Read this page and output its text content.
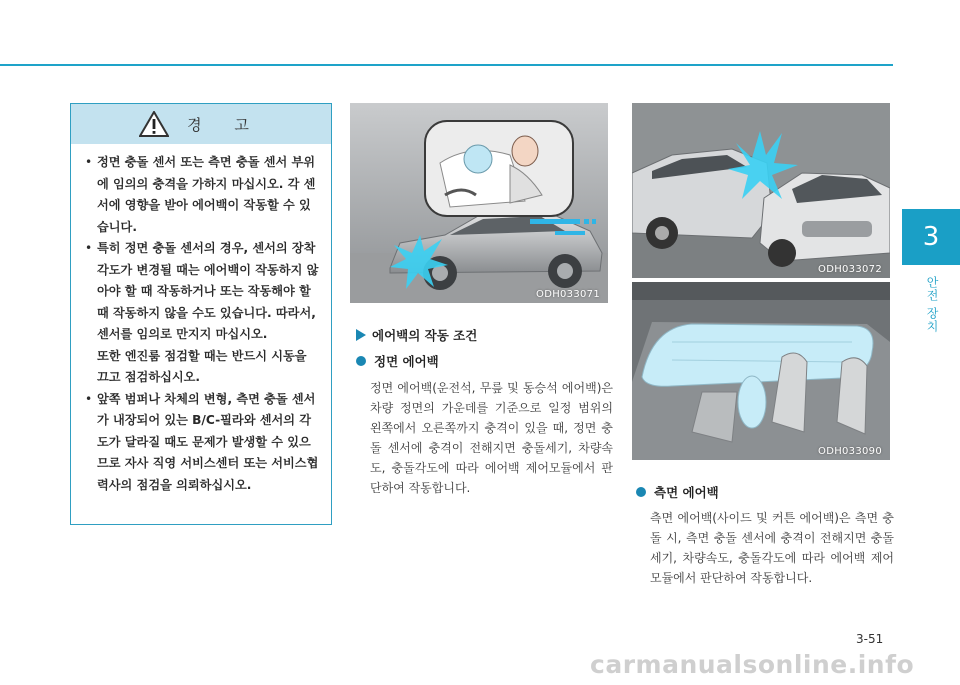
3
안전 장치
경 고
• 정면 충돌 센서 또는 측면 충돌 센서 부위에 임의의 충격을 가하지 마십시오. 각 센서에 영향을 받아 에어백이 작동할 수 있습니다.
• 특히 정면 충돌 센서의 경우, 센서의 장착 각도가 변경될 때는 에어백이 작동하지 않아야 할 때 작동하거나 또는 작동해야 할 때 작동하지 않을 수도 있습니다. 따라서, 센서를 임의로 만지지 마십시오.
또한 엔진룸 점검할 때는 반드시 시동을 끄고 점검하십시오.
• 앞쪽 범퍼나 차체의 변형, 측면 충돌 센서가 내장되어 있는 B/C-필라와 센서의 각도가 달라질 때도 문제가 발생할 수 있으므로 자사 직영 서비스센터 또는 서비스협력사의 점검을 의뢰하십시오.
ODH033071
ODH033072
ODH033090
에어백의 작동 조건
정면 에어백
정면 에어백(운전석, 무릎 및 동승석 에어백)은 차량 정면의 가운데를 기준으로 일정 범위의 왼쪽에서 오른쪽까지 충격이 있을 때, 정면 충돌 센서에 충격이 전해지면 충돌세기, 차량속도, 충돌각도에 따라 에어백 제어모듈에서 판단하여 작동합니다.	측면 에어백
측면 에어백(사이드 및 커튼 에어백)은 측면 충돌 시, 측면 충돌 센서에 충격이 전해지면 충돌세기, 차량속도, 충돌각도에 따라 에어백 제어 모듈에서 판단하여 작동합니다.
3-51
carmanualsonline.info
